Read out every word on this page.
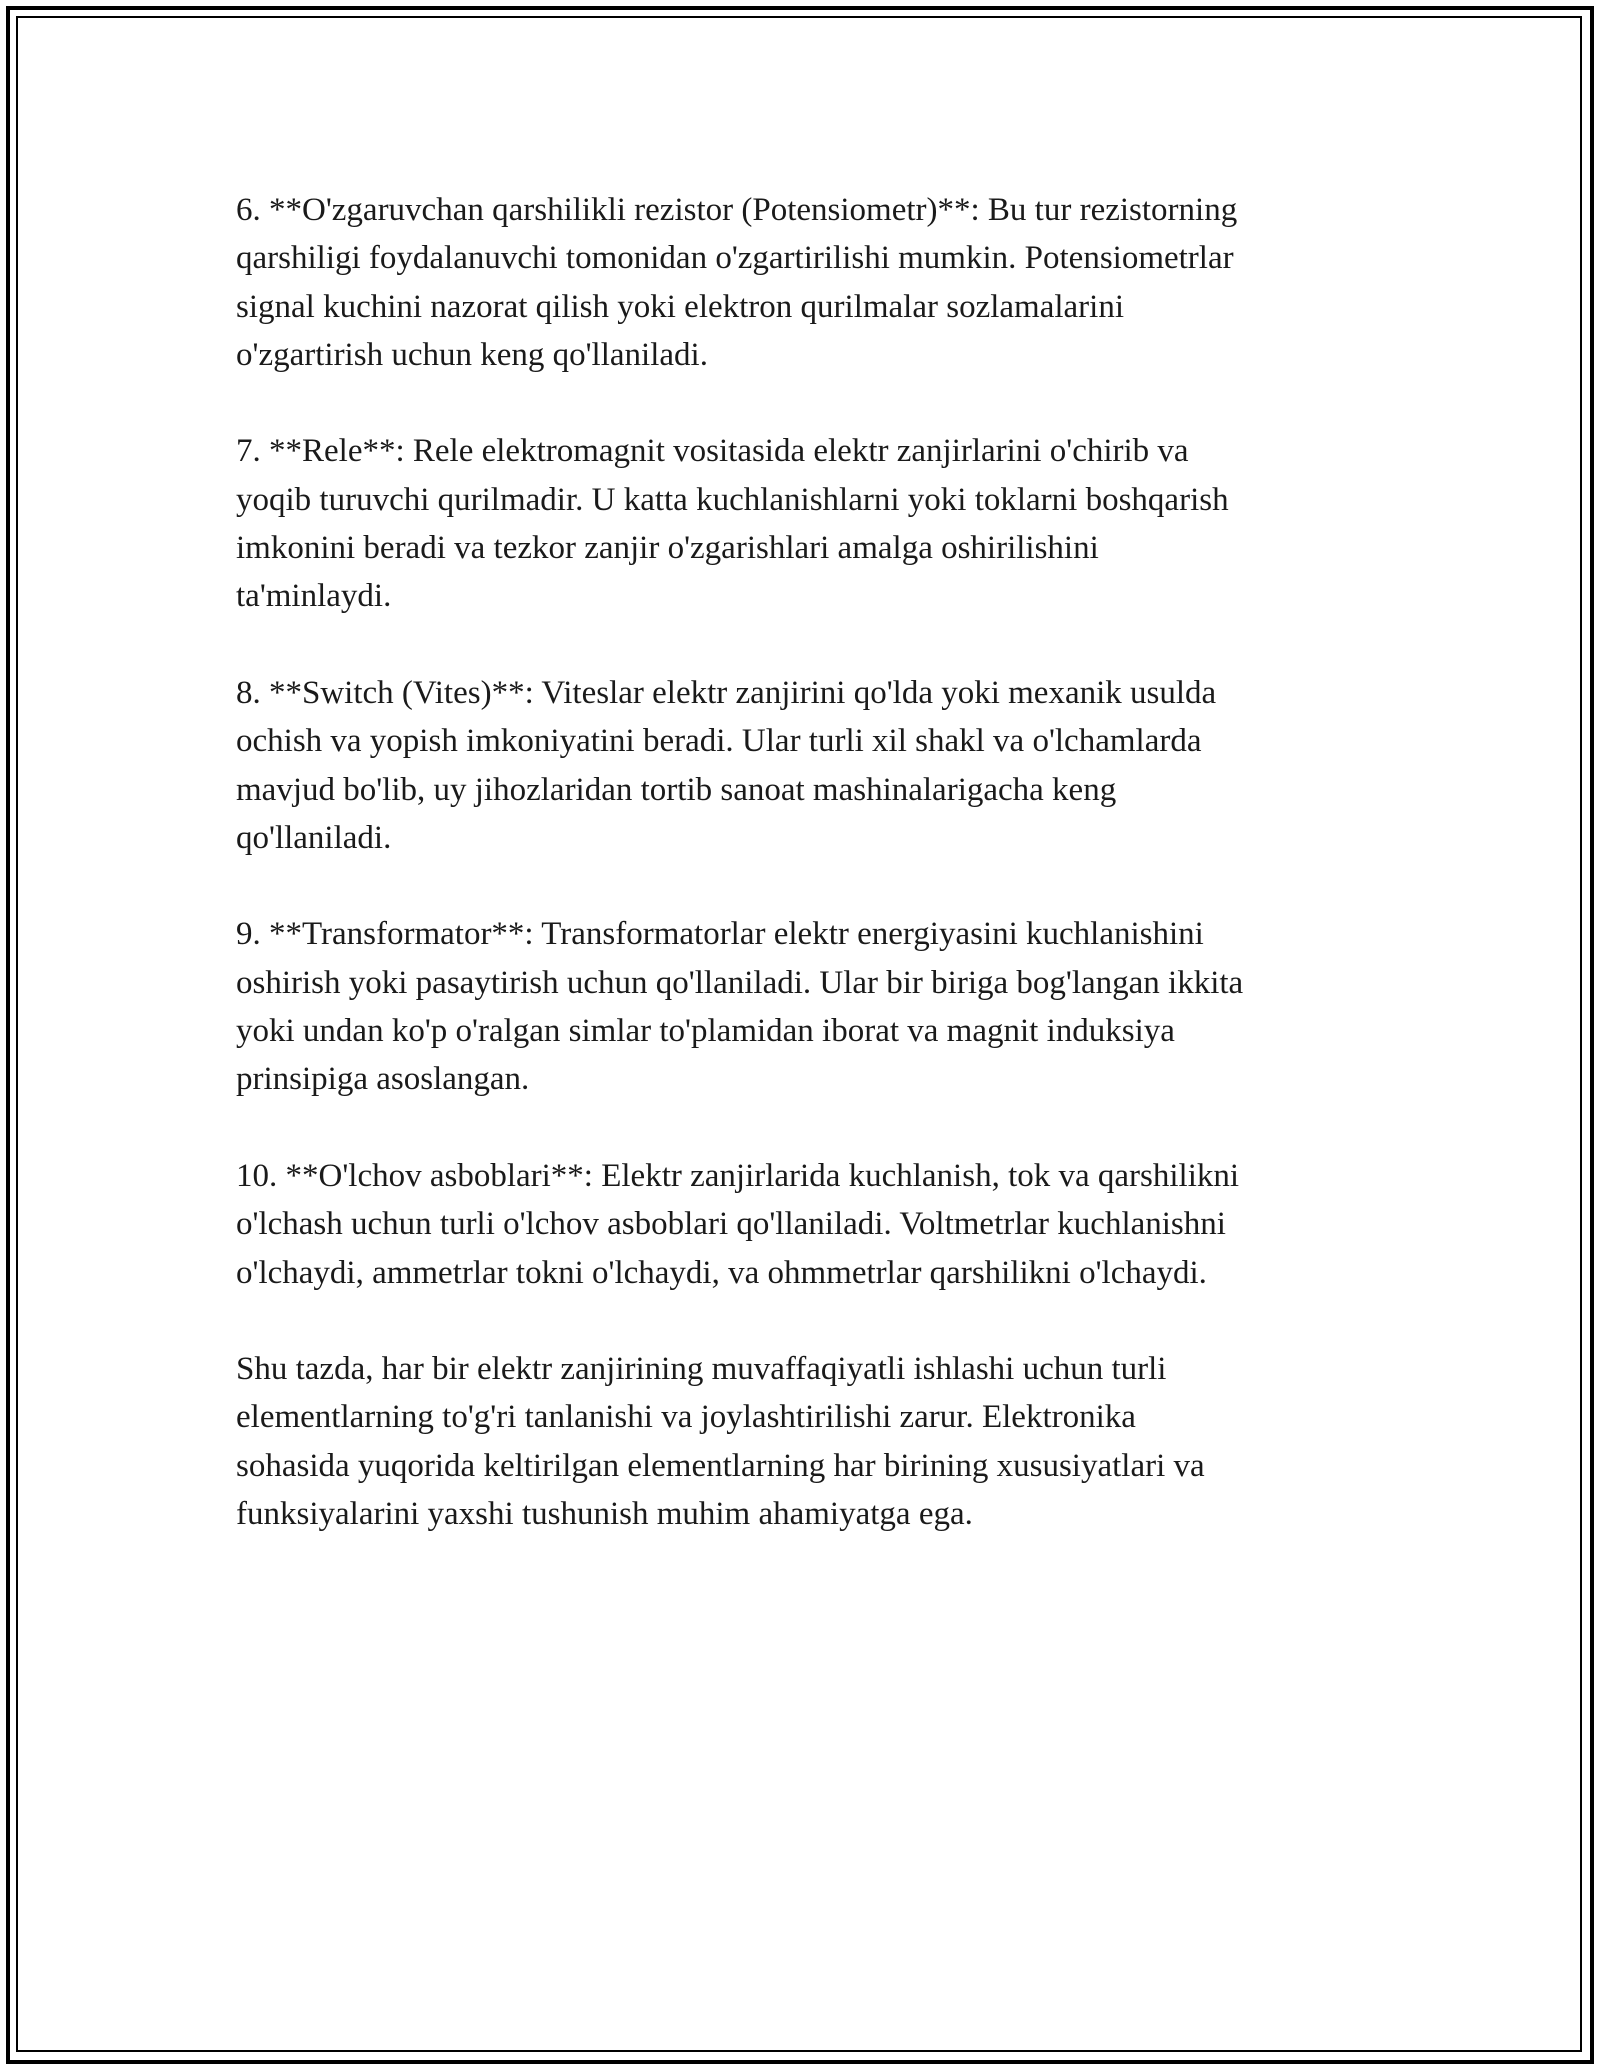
6. **O'zgaruvchan qarshilikli rezistor (Potensiometr)**: Bu tur rezistorning
qarshiligi foydalanuvchi tomonidan o'zgartirilishi mumkin. Potensiometrlar
signal kuchini nazorat qilish yoki elektron qurilmalar sozlamalarini
o'zgartirish uchun keng qo'llaniladi.

7. **Rele**: Rele elektromagnit vositasida elektr zanjirlarini o'chirib va
yoqib turuvchi qurilmadir. U katta kuchlanishlarni yoki toklarni boshqarish
imkonini beradi va tezkor zanjir o'zgarishlari amalga oshirilishini
ta'minlaydi.

8. **Switch (Vites)**: Viteslar elektr zanjirini qo'lda yoki mexanik usulda
ochish va yopish imkoniyatini beradi. Ular turli xil shakl va o'lchamlarda
mavjud bo'lib, uy jihozlaridan tortib sanoat mashinalarigacha keng
qo'llaniladi.

9. **Transformator**: Transformatorlar elektr energiyasini kuchlanishini
oshirish yoki pasaytirish uchun qo'llaniladi. Ular bir biriga bog'langan ikkita
yoki undan ko'p o'ralgan simlar to'plamidan iborat va magnit induksiya
prinsipiga asoslangan.

10. **O'lchov asboblari**: Elektr zanjirlarida kuchlanish, tok va qarshilikni
o'lchash uchun turli o'lchov asboblari qo'llaniladi. Voltmetrlar kuchlanishni
o'lchaydi, ammetrlar tokni o'lchaydi, va ohmmetrlar qarshilikni o'lchaydi.

Shu tazda, har bir elektr zanjirining muvaffaqiyatli ishlashi uchun turli
elementlarning to'g'ri tanlanishi va joylashtirilishi zarur. Elektronika
sohasida yuqorida keltirilgan elementlarning har birining xususiyatlari va
funksiyalarini yaxshi tushunish muhim ahamiyatga ega.
